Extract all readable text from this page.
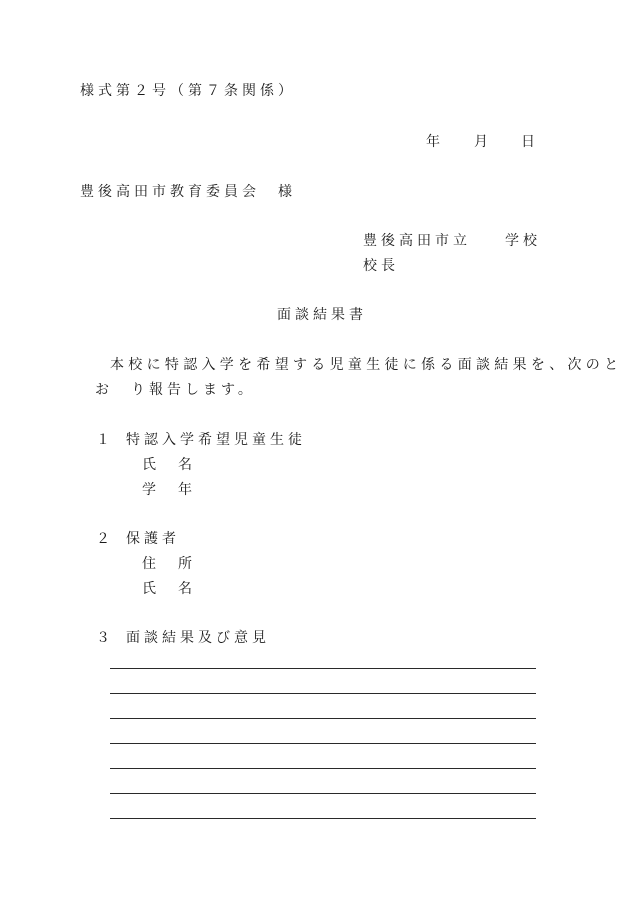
様式第２号（第７条関係）
年 月 日
豊後高田市教育委員会　様
豊後高田市立 学校
校長
面談結果書
本校に特認入学を希望する児童生徒に係る面談結果を、次のと
お　り報告します。
１ 特認入学希望児童生徒
氏　名
学　年
２ 保護者
住　所
氏　名
３ 面談結果及び意見
